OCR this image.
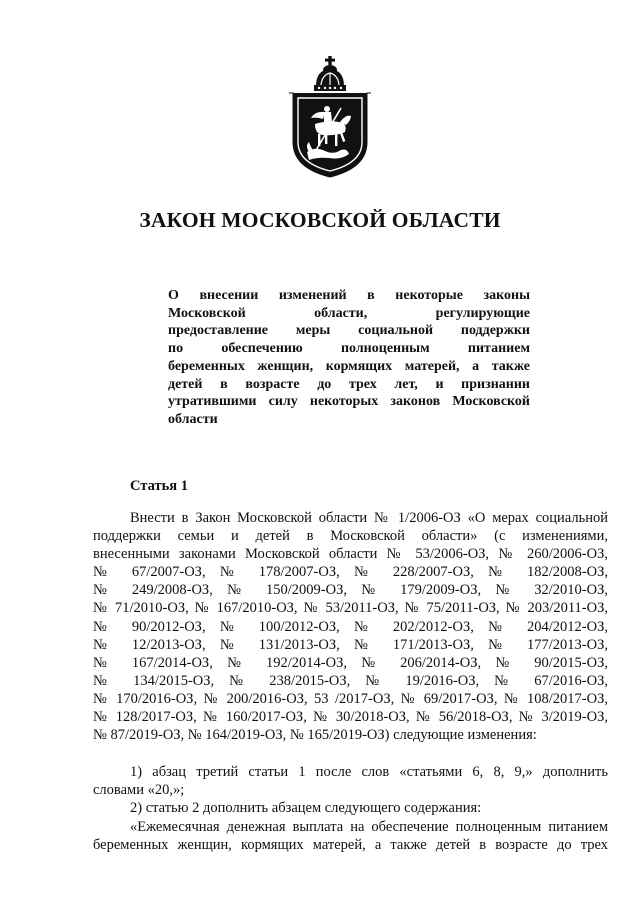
˙ ˙ ˙
ЗАКОН МОСКОВСКОЙ ОБЛАСТИ
О внесении изменений в некоторые законы
Московской области, регулирующие
предоставление меры социальной поддержки
по обеспечению полноценным питанием
беременных женщин, кормящих матерей, а также
детей в возрасте до трех лет, и признании
утратившими силу некоторых законов Московской
области
Статья 1
Внести в Закон Московской области № 1/2006-ОЗ «О мерах социальной
поддержки семьи и детей в Московской области» (с изменениями,
внесенными законами Московской области № 53/2006-ОЗ, № 260/2006-ОЗ,
№ 67/2007-ОЗ, № 178/2007-ОЗ, № 228/2007-ОЗ, № 182/2008-ОЗ,
№ 249/2008-ОЗ, № 150/2009-ОЗ, № 179/2009-ОЗ, № 32/2010-ОЗ,
№ 71/2010-ОЗ, № 167/2010-ОЗ, № 53/2011-ОЗ, № 75/2011-ОЗ, № 203/2011-ОЗ,
№ 90/2012-ОЗ, № 100/2012-ОЗ, № 202/2012-ОЗ, № 204/2012-ОЗ,
№ 12/2013-ОЗ, № 131/2013-ОЗ, № 171/2013-ОЗ, № 177/2013-ОЗ,
№ 167/2014-ОЗ, № 192/2014-ОЗ, № 206/2014-ОЗ, № 90/2015-ОЗ,
№ 134/2015-ОЗ, № 238/2015-ОЗ, № 19/2016-ОЗ, № 67/2016-ОЗ,
№ 170/2016-ОЗ, № 200/2016-ОЗ, 53 /2017-ОЗ, № 69/2017-ОЗ, № 108/2017-ОЗ,
№ 128/2017-ОЗ, № 160/2017-ОЗ, № 30/2018-ОЗ, № 56/2018-ОЗ, № 3/2019-ОЗ,
№ 87/2019-ОЗ, № 164/2019-ОЗ, № 165/2019-ОЗ) следующие изменения:
1) абзац третий статьи 1 после слов «статьями 6, 8, 9,» дополнить
словами «20,»;
2) статью 2 дополнить абзацем следующего содержания:
«Ежемесячная денежная выплата на обеспечение полноценным питанием
беременных женщин, кормящих матерей, а также детей в возрасте до трех
